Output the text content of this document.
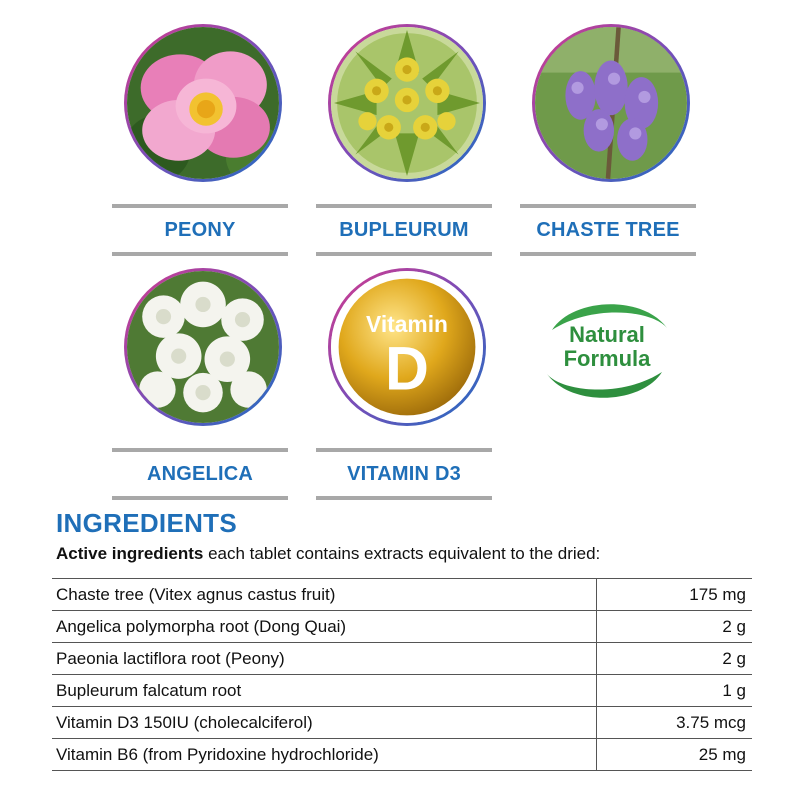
PEONY	BUPLEURUM	CHASTE TREE
ANGELICA
Vitamin
D
VITAMIN D3
Natural
Formula
INGREDIENTS
Active ingredients each tablet contains extracts equivalent to the dried:
Chaste tree (Vitex agnus castus fruit)	175 mg
Angelica polymorpha root (Dong Quai)	2 g
Paeonia lactiflora root (Peony)	2 g
Bupleurum falcatum root	1 g
Vitamin D3 150IU (cholecalciferol)	3.75 mcg
Vitamin B6 (from Pyridoxine hydrochloride)	25 mg
